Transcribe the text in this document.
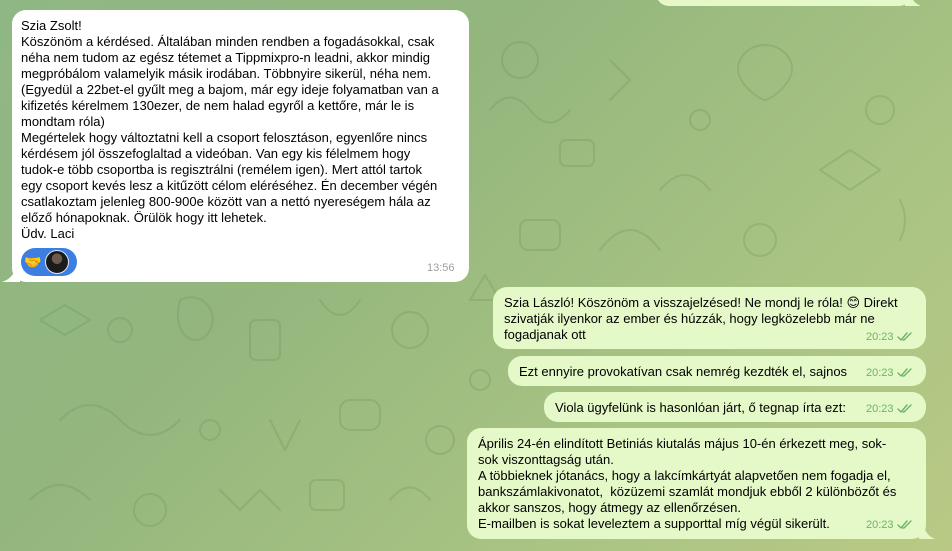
Szia Zsolt!
Köszönöm a kérdésed. Általában minden rendben a fogadásokkal, csak
néha nem tudom az egész tétemet a Tippmixpro-n leadni, akkor mindig
megpróbálom valamelyik másik irodában. Többnyire sikerül, néha nem.
(Egyedül a 22bet-el gyűlt meg a bajom, már egy ideje folyamatban van a
kifizetés kérelmem 130ezer, de nem halad egyről a kettőre, már le is
mondtam róla)
Megértelek hogy változtatni kell a csoport felosztáson, egyenlőre nincs
kérdésem jól összefoglaltad a videóban. Van egy kis félelmem hogy
tudok-e több csoportba is regisztrálni (remélem igen). Mert attól tartok
egy csoport kevés lesz a kitűzött célom eléréséhez. Én december végén
csatlakoztam jelenleg 800-900e között van a nettó nyereségem hála az
előző hónapoknak. Örülök hogy itt lehetek.
Üdv. Laci
🤝	13:56
Szia László! Köszönöm a visszajelzésed! Ne mondj le róla! 😊 Direkt
szivatják ilyenkor az ember és húzzák, hogy legközelebb már ne
fogadjanak ott	20:23
Ezt ennyire provokatívan csak nemrég kezdték el, sajnos	20:23
Viola ügyfelünk is hasonlóan járt, ő tegnap írta ezt:	20:23
Április 24-én elindított Betiniás kiutalás május 10-én érkezett meg, sok-
sok viszonttagság után.
A többieknek jótanács, hogy a lakcímkártyát alapvetően nem fogadja el,
bankszámlakivonatot,  közüzemi szamlát mondjuk ebből 2 különbözőt és
akkor sanszos, hogy átmegy az ellenőrzésen.
E-mailben is sokat leveleztem a supporttal míg végül sikerült.	20:23
